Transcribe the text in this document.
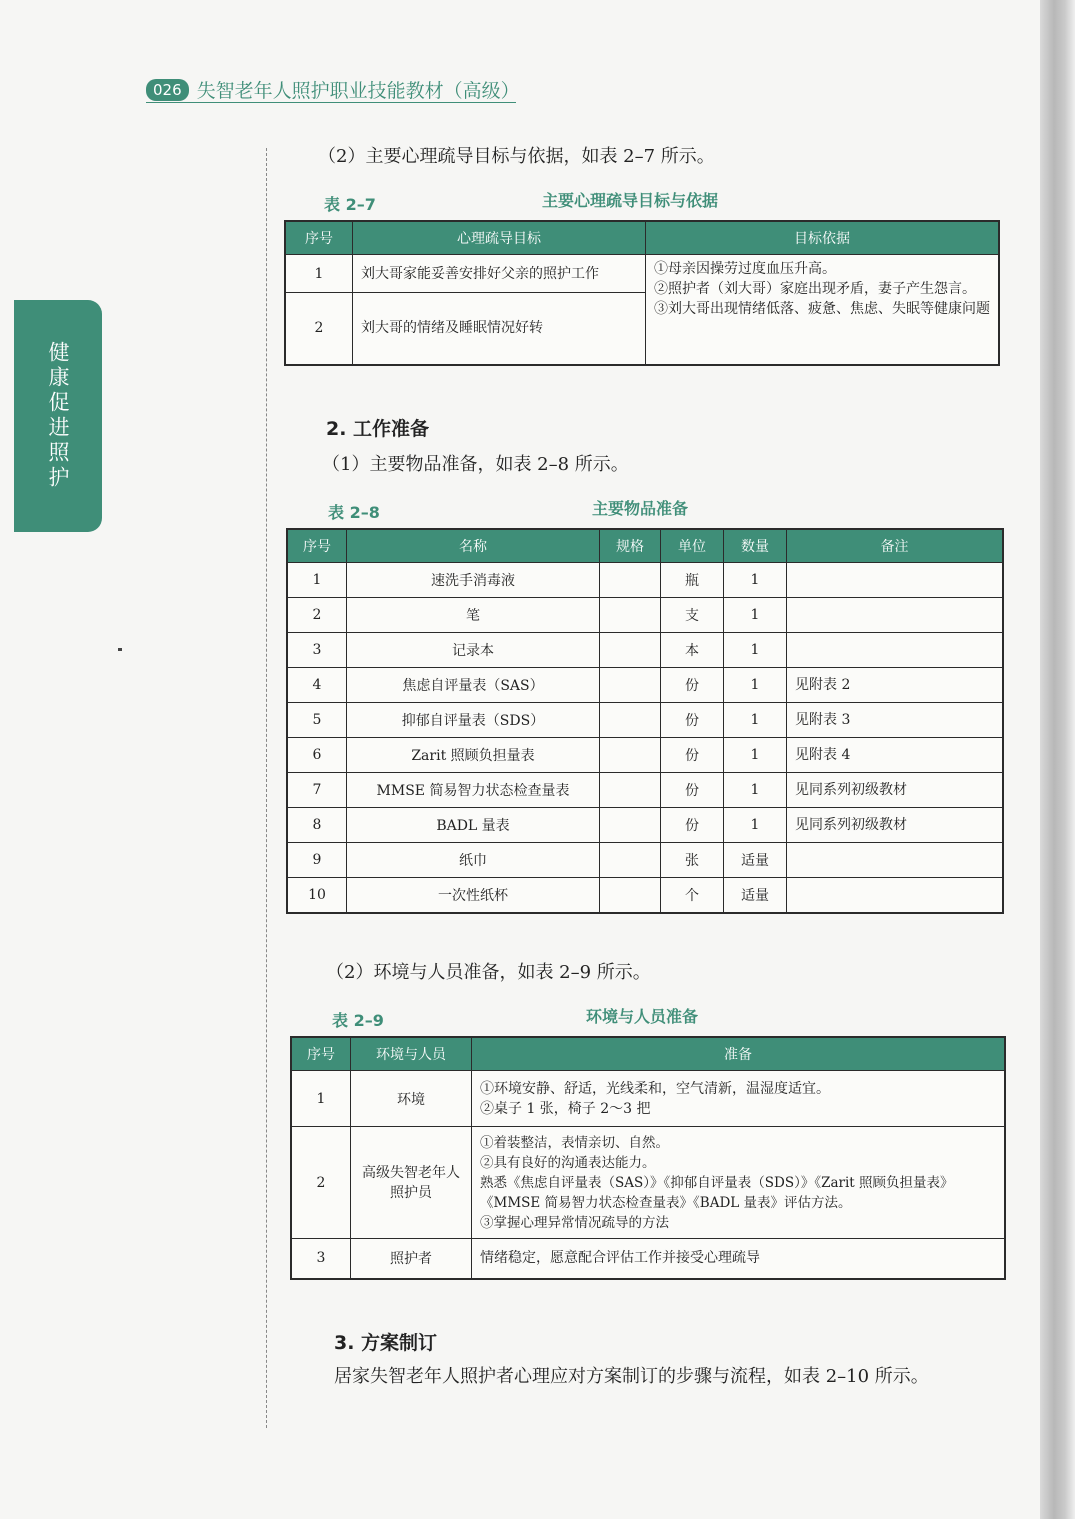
健康促进照护
026 失智老年人照护职业技能教材（高级）
（2）主要心理疏导目标与依据，如表 2–7 所示。
表 2–7	主要心理疏导目标与依据
序号	心理疏导目标	目标依据
1	刘大哥家能妥善安排好父亲的照护工作	①母亲因操劳过度血压升高。
②照护者（刘大哥）家庭出现矛盾，妻子产生怨言。
③刘大哥出现情绪低落、疲惫、焦虑、失眠等健康问题

2	刘大哥的情绪及睡眠情况好转	
2. 工作准备
（1）主要物品准备，如表 2–8 所示。
表 2–8	主要物品准备
序号	名称	规格	单位	数量	备注
1	速洗手消毒液		瓶	1	
2	笔		支	1	
3	记录本		本	1	
4	焦虑自评量表（SAS）		份	1	见附表 2
5	抑郁自评量表（SDS）		份	1	见附表 3
6	Zarit 照顾负担量表		份	1	见附表 4
7	MMSE 简易智力状态检查量表		份	1	见同系列初级教材
8	BADL 量表		份	1	见同系列初级教材
9	纸巾		张	适量	
10	一次性纸杯		个	适量	
（2）环境与人员准备，如表 2–9 所示。
表 2–9	环境与人员准备
序号	环境与人员	准备
1	环境	①环境安静、舒适，光线柔和，空气清新，温湿度适宜。
②桌子 1 张，椅子 2～3 把

2	高级失智老年人照护员	①着装整洁，表情亲切、自然。
②具有良好的沟通表达能力。
熟悉《焦虑自评量表（SAS）》《抑郁自评量表（SDS）》《Zarit 照顾负担量表》
《MMSE 简易智力状态检查量表》《BADL 量表》评估方法。
③掌握心理异常情况疏导的方法

3	照护者	情绪稳定，愿意配合评估工作并接受心理疏导
3. 方案制订
居家失智老年人照护者心理应对方案制订的步骤与流程，如表 2–10 所示。
